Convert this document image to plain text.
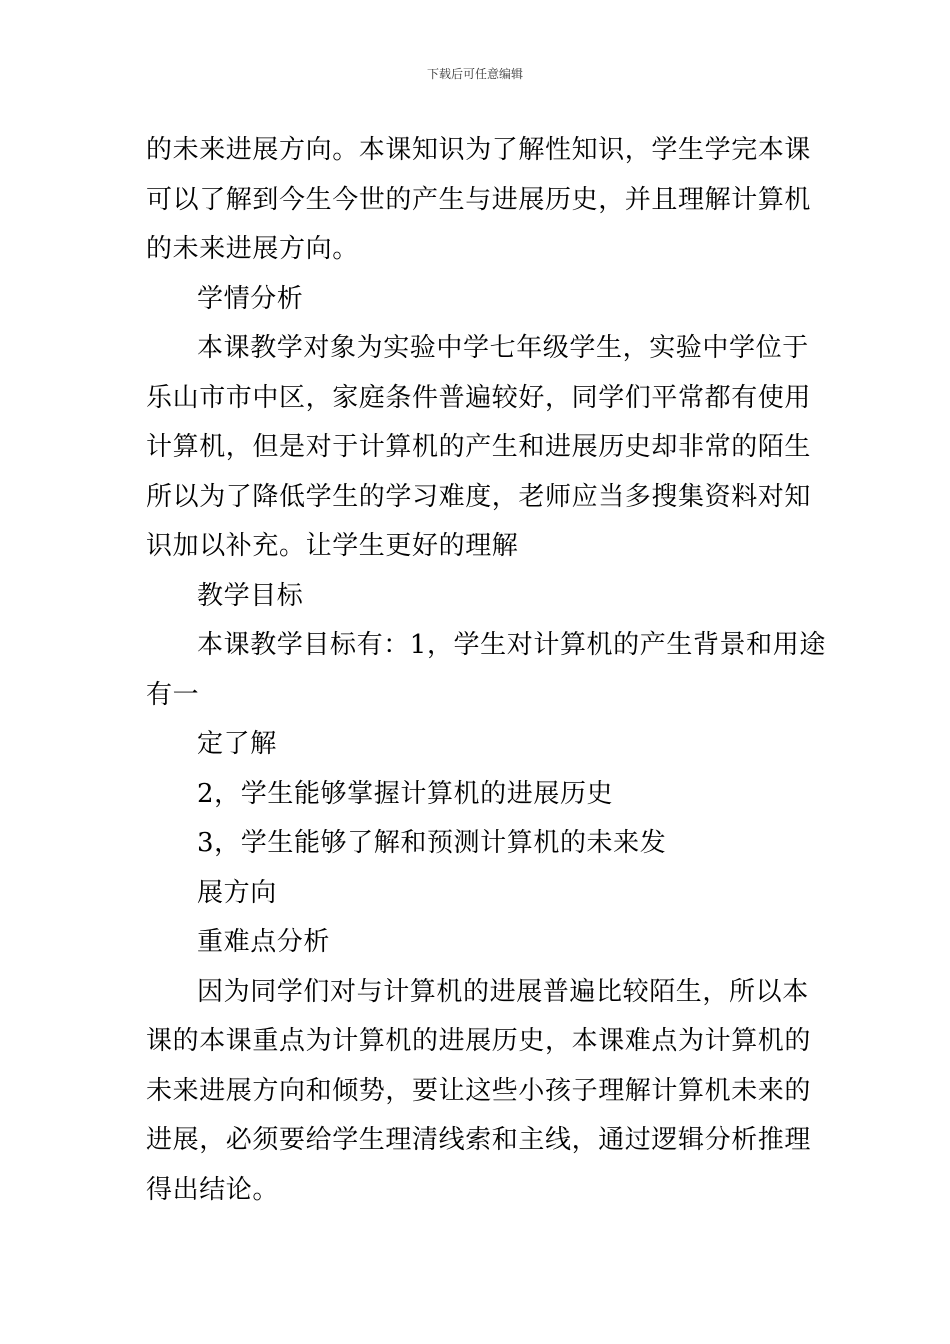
下载后可任意编辑
的未来进展方向。本课知识为了解性知识，学生学完本课
可以了解到今生今世的产生与进展历史，并且理解计算机
的未来进展方向。
学情分析
本课教学对象为实验中学七年级学生，实验中学位于
乐山市市中区，家庭条件普遍较好，同学们平常都有使用
计算机，但是对于计算机的产生和进展历史却非常的陌生
所以为了降低学生的学习难度，老师应当多搜集资料对知
识加以补充。让学生更好的理解
教学目标
本课教学目标有：1，学生对计算机的产生背景和用途
有一
定了解
2，学生能够掌握计算机的进展历史
3，学生能够了解和预测计算机的未来发
展方向
重难点分析
因为同学们对与计算机的进展普遍比较陌生，所以本
课的本课重点为计算机的进展历史，本课难点为计算机的
未来进展方向和倾势，要让这些小孩子理解计算机未来的
进展，必须要给学生理清线索和主线，通过逻辑分析推理
得出结论。
